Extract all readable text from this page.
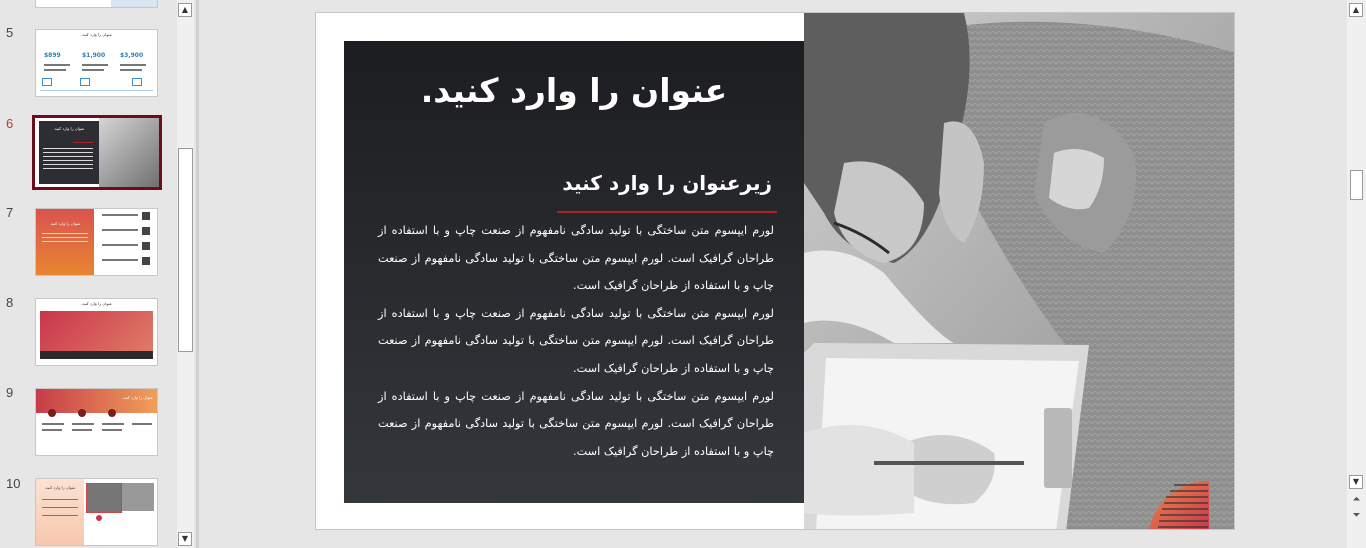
5	عنوان را وارد کنید.
$899	$1,900 $3,900
6	عنوان را وارد کنید.
7
عنوان را وارد کنید.
8	عنوان را وارد کنید.
9	عنوان را وارد کنید.
10	عنوان را وارد کنید.
▲
▼
عنوان را وارد کنید.
زیرعنوان را وارد کنید

لورم ایپسوم متن ساختگی با تولید سادگی نامفهوم از صنعت چاپ و با استفاده از طراحان گرافیک است. لورم ایپسوم متن ساختگی با تولید سادگی نامفهوم از صنعت چاپ و با استفاده از طراحان گرافیک است.

لورم ایپسوم متن ساختگی با تولید سادگی نامفهوم از صنعت چاپ و با استفاده از طراحان گرافیک است. لورم ایپسوم متن ساختگی با تولید سادگی نامفهوم از صنعت چاپ و با استفاده از طراحان گرافیک است.

لورم ایپسوم متن ساختگی با تولید سادگی نامفهوم از صنعت چاپ و با استفاده از طراحان گرافیک است. لورم ایپسوم متن ساختگی با تولید سادگی نامفهوم از صنعت چاپ و با استفاده از طراحان گرافیک است.

▲
▼
⏶
⏷
